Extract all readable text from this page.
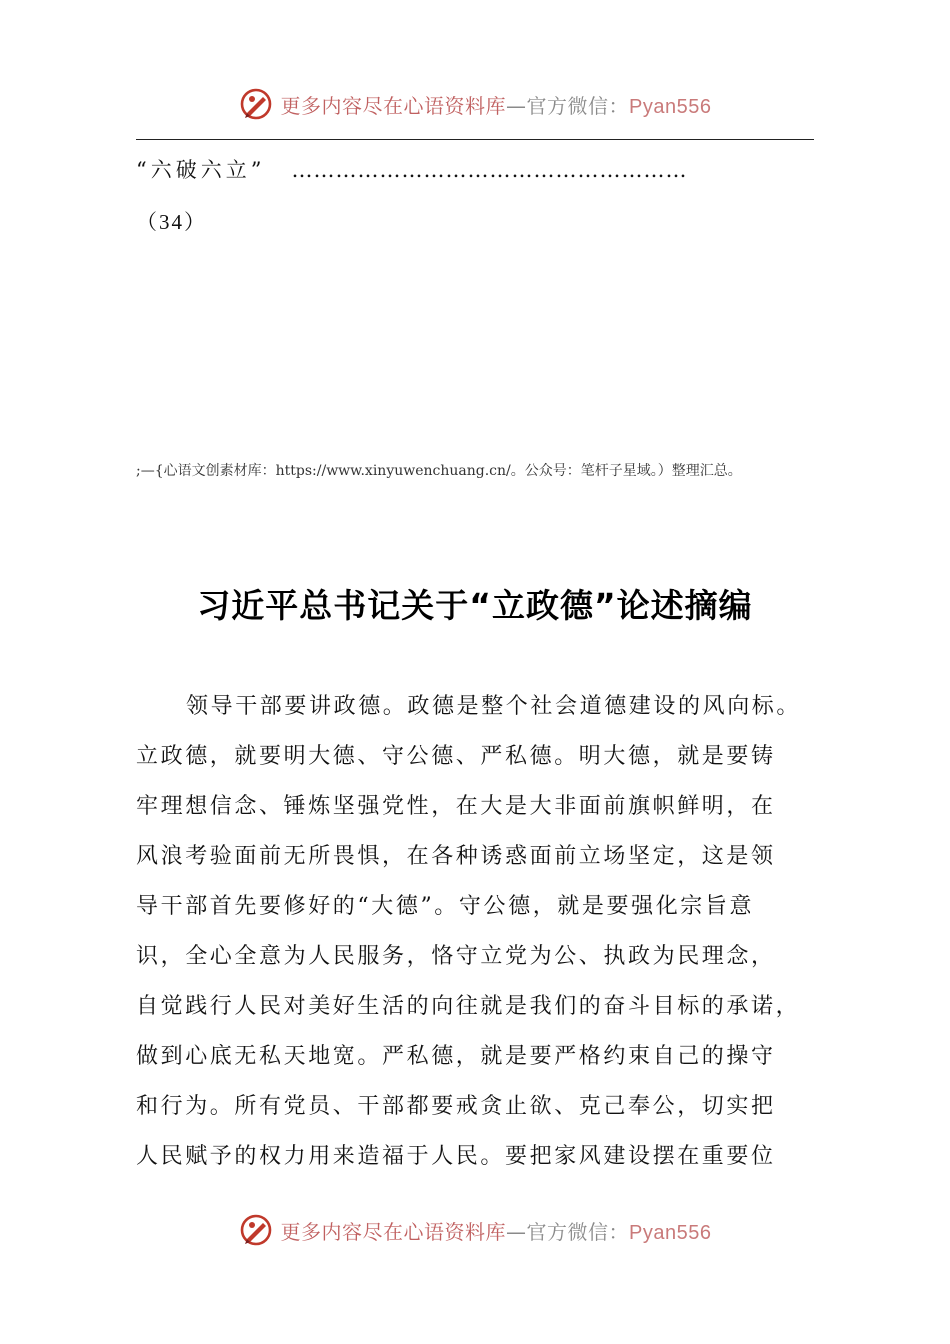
更多内容尽在心语资料库—官方微信：Pyan556
“六破六立” ………………………………………………
（34）
;—{心语文创素材库：https://www.xinyuwenchuang.cn/。公众号：笔杆子星域。）整理汇总。
习近平总书记关于“立政德”论述摘编
领导干部要讲政德。政德是整个社会道德建设的风向标。
立政德，就要明大德、守公德、严私德。明大德，就是要铸
牢理想信念、锤炼坚强党性，在大是大非面前旗帜鲜明，在
风浪考验面前无所畏惧，在各种诱惑面前立场坚定，这是领
导干部首先要修好的“大德”。守公德，就是要强化宗旨意
识，全心全意为人民服务，恪守立党为公、执政为民理念，
自觉践行人民对美好生活的向往就是我们的奋斗目标的承诺，
做到心底无私天地宽。严私德，就是要严格约束自己的操守
和行为。所有党员、干部都要戒贪止欲、克己奉公，切实把
人民赋予的权力用来造福于人民。要把家风建设摆在重要位
更多内容尽在心语资料库—官方微信：Pyan556
